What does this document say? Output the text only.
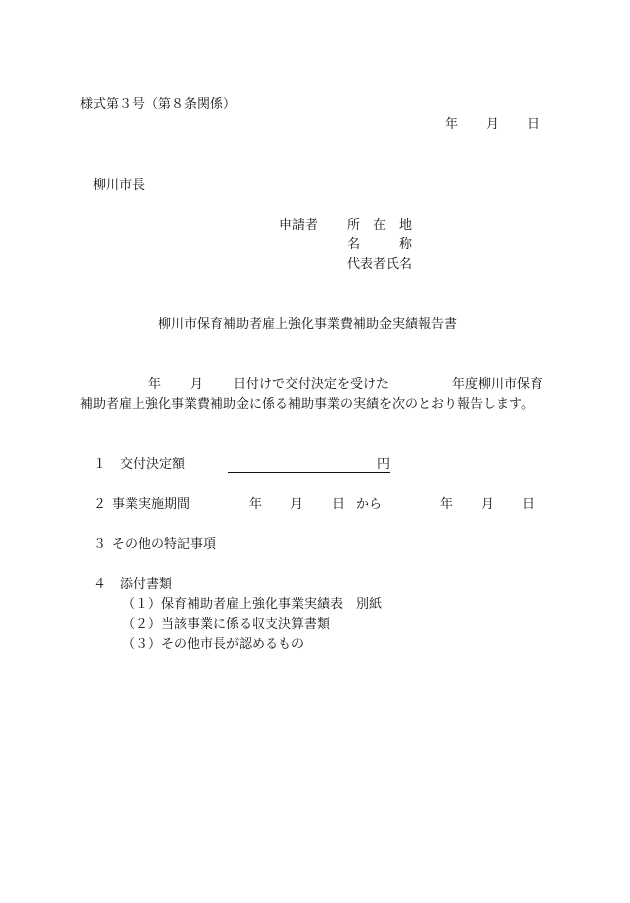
様式第３号（第８条関係）
年 月 日
柳川市長
申請者 所　在　地
名　　　称
代表者氏名
柳川市保育補助者雇上強化事業費補助金実績報告書
年 月 日付けで交付決定を受けた	年度柳川市保育
補助者雇上強化事業費補助金に係る補助事業の実績を次のとおり報告します。
１ 交付決定額	円
２ 事業実施期間	年 月 日 から	年 月 日
３ その他の特記事項
４ 添付書類
（１）保育補助者雇上強化事業実績表　別紙
（２）当該事業に係る収支決算書類
（３）その他市長が認めるもの
